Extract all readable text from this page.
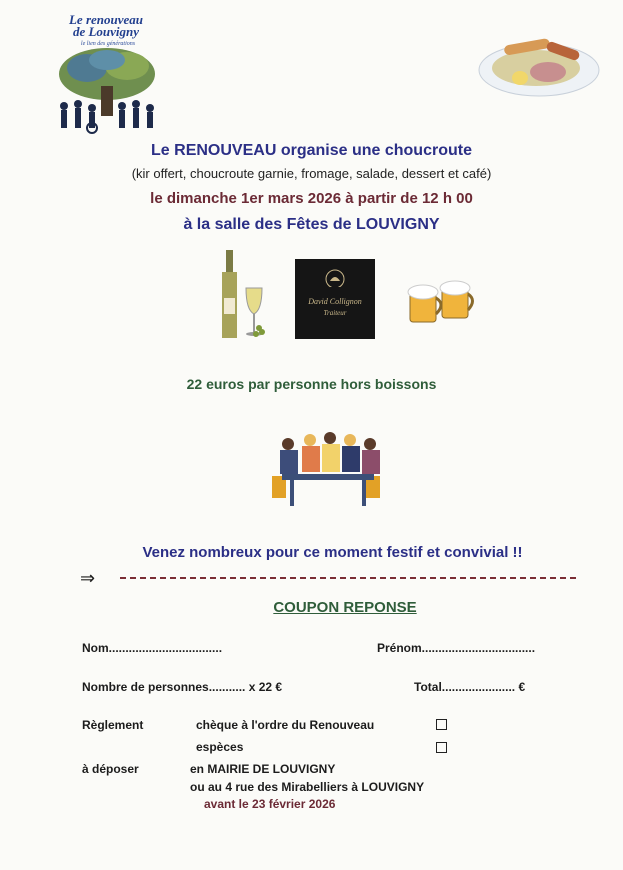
Le renouveau
de Louvigny
le lien des générations
Le RENOUVEAU organise une choucroute
(kir offert, choucroute garnie, fromage, salade, dessert et café)
le dimanche 1er mars 2026 à partir de 12 h 00
à la salle des Fêtes de LOUVIGNY
David Collignon
Traiteur
22 euros par personne hors boissons
Venez nombreux pour ce moment festif et convivial !!
⇒
COUPON REPONSE
Nom..................................	Prénom..................................
Nombre de personnes........... x 22 €	Total...................... €
Règlement	chèque à l'ordre du Renouveau
espèces
à déposer	en MAIRIE DE LOUVIGNY
ou au 4 rue des Mirabelliers à LOUVIGNY
avant le 23 février 2026
